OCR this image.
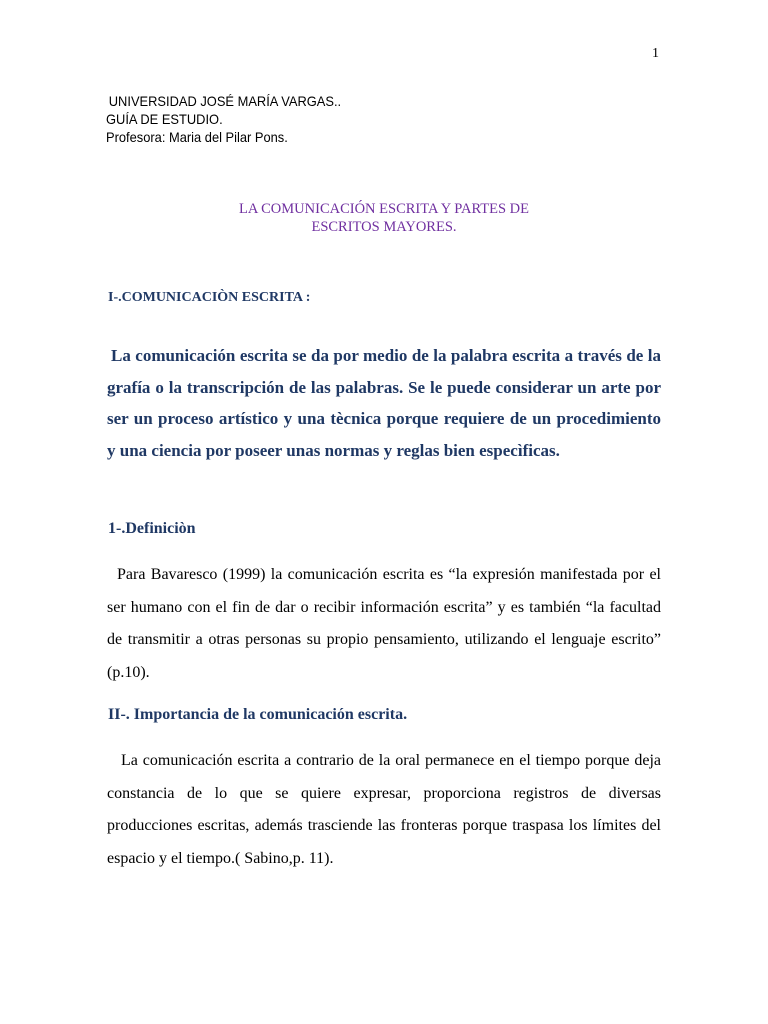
1
UNIVERSIDAD JOSÉ MARÍA VARGAS..
GUÍA DE ESTUDIO.
Profesora: Maria del Pilar Pons.
LA COMUNICACIÓN ESCRITA Y PARTES DE
ESCRITOS MAYORES.
I-.COMUNICACIÒN ESCRITA :

La comunicación escrita se da por medio de la palabra escrita a través de la grafía o la transcripción de las palabras. Se le puede considerar un arte por ser un proceso artístico y una tècnica porque requiere de un procedimiento y una ciencia por poseer unas normas y reglas bien especìficas.

1-.Definiciòn

Para Bavaresco (1999) la comunicación escrita es “la expresión manifestada por el ser humano con el fin de dar o recibir información escrita” y es también “la facultad de transmitir a otras personas su propio pensamiento, utilizando el lenguaje escrito” (p.10).

II-. Importancia de la comunicación escrita.

La comunicación escrita a contrario de la oral permanece en el tiempo porque deja constancia de lo que se quiere expresar, proporciona registros de diversas producciones escritas, además trasciende las fronteras porque traspasa los límites del espacio y el tiempo.( Sabino,p. 11).
